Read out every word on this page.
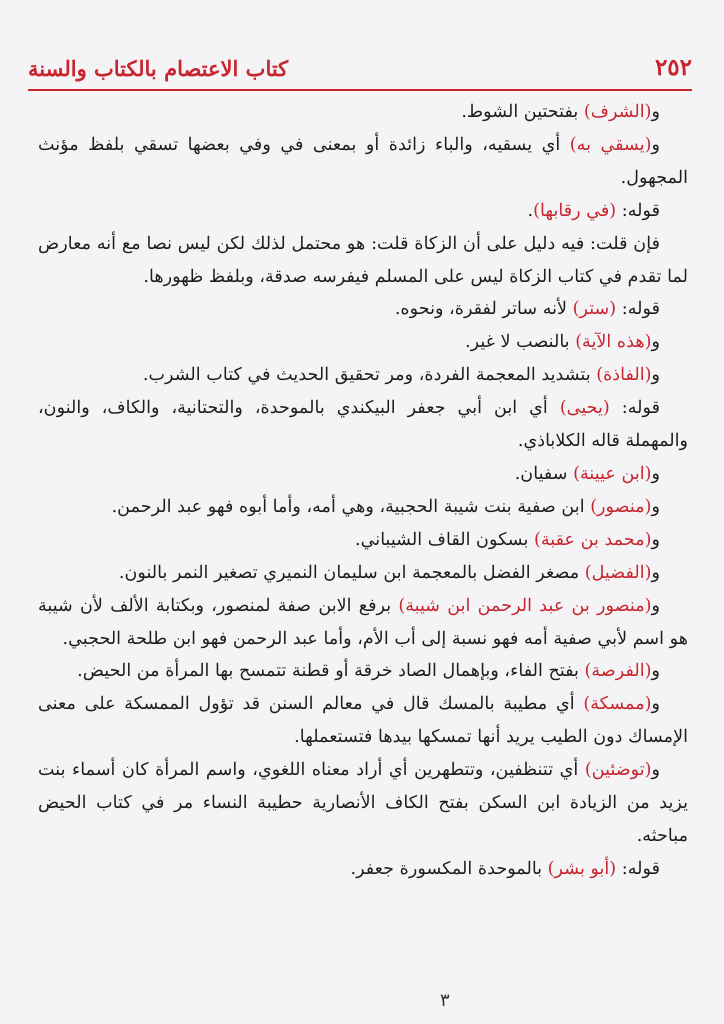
٢٥٢
كتاب الاعتصام بالكتاب والسنة

و(الشرف) بفتحتين الشوط.

و(يسقي به) أي يسقيه، والباء زائدة أو بمعنى في وفي بعضها تسقي بلفظ مؤنث المجهول.

قوله: (في رقابها).

فإن قلت: فيه دليل على أن الزكاة قلت: هو محتمل لذلك لكن ليس نصا مع أنه معارض لما تقدم في كتاب الزكاة ليس على المسلم فيفرسه صدقة، وبلفظ ظهورها.

قوله: (ستر) لأنه ساتر لفقرة، ونحوه.

و(هذه الآية) بالنصب لا غير.

و(الفاذة) بتشديد المعجمة الفردة، ومر تحقيق الحديث في كتاب الشرب.

قوله: (يحيى) أي ابن أبي جعفر البيكندي بالموحدة، والتحتانية، والكاف، والنون، والمهملة قاله الكلاباذي.

و(ابن عيينة) سفيان.

و(منصور) ابن صفية بنت شيبة الحجبية، وهي أمه، وأما أبوه فهو عبد الرحمن.

و(محمد بن عقبة) بسكون القاف الشيباني.

و(الفضيل) مصغر الفضل بالمعجمة ابن سليمان النميري تصغير النمر بالنون.

و(منصور بن عبد الرحمن ابن شيبة) برفع الابن صفة لمنصور، وبكتابة الألف لأن شيبة هو اسم لأبي صفية أمه فهو نسبة إلى أب الأم، وأما عبد الرحمن فهو ابن طلحة الحجبي.

و(الفرصة) بفتح الفاء، وبإهمال الصاد خرقة أو قطنة تتمسح بها المرأة من الحيض.

و(ممسكة) أي مطيبة بالمسك قال في معالم السنن قد تؤول الممسكة على معنى الإمساك دون الطيب يريد أنها تمسكها بيدها فتستعملها.

و(توضئين) أي تتنظفين، وتتطهرين أي أراد معناه اللغوي، واسم المرأة كان أسماء بنت يزيد من الزيادة ابن السكن بفتح الكاف الأنصارية حطيبة النساء مر في كتاب الحيض مباحثه.

قوله: (أبو بشر) بالموحدة المكسورة جعفر.

٣
